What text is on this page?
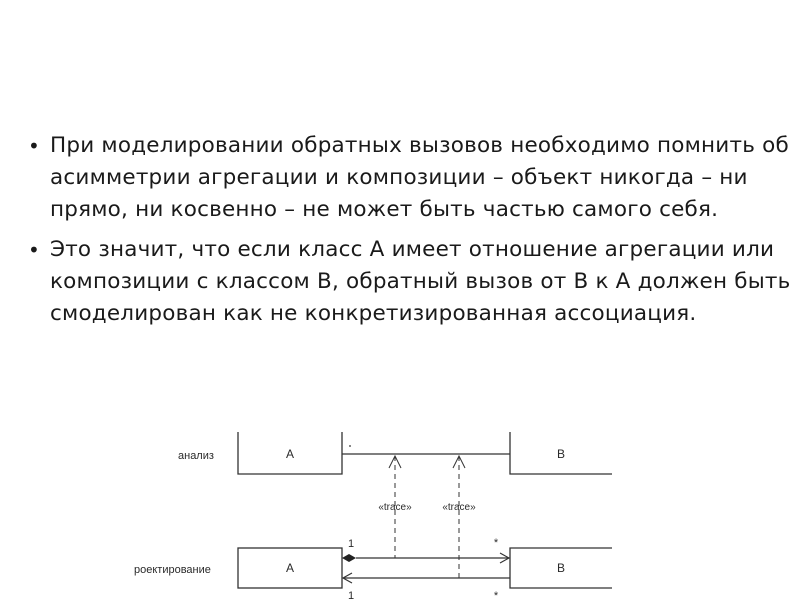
• При моделировании обратных вызовов необходимо помнить об асимметрии агрегации и композиции – объект никогда – ни прямо, ни косвенно – не может быть частью самого себя.
• Это значит, что если класс А имеет отношение агрегации или композиции с классом В, обратный вызов от В к А должен быть смоделирован как не конкретизированная ассоциация.
анализ	A	B
«trace»	«trace»
роектирование	A	B
1	*
1	*
